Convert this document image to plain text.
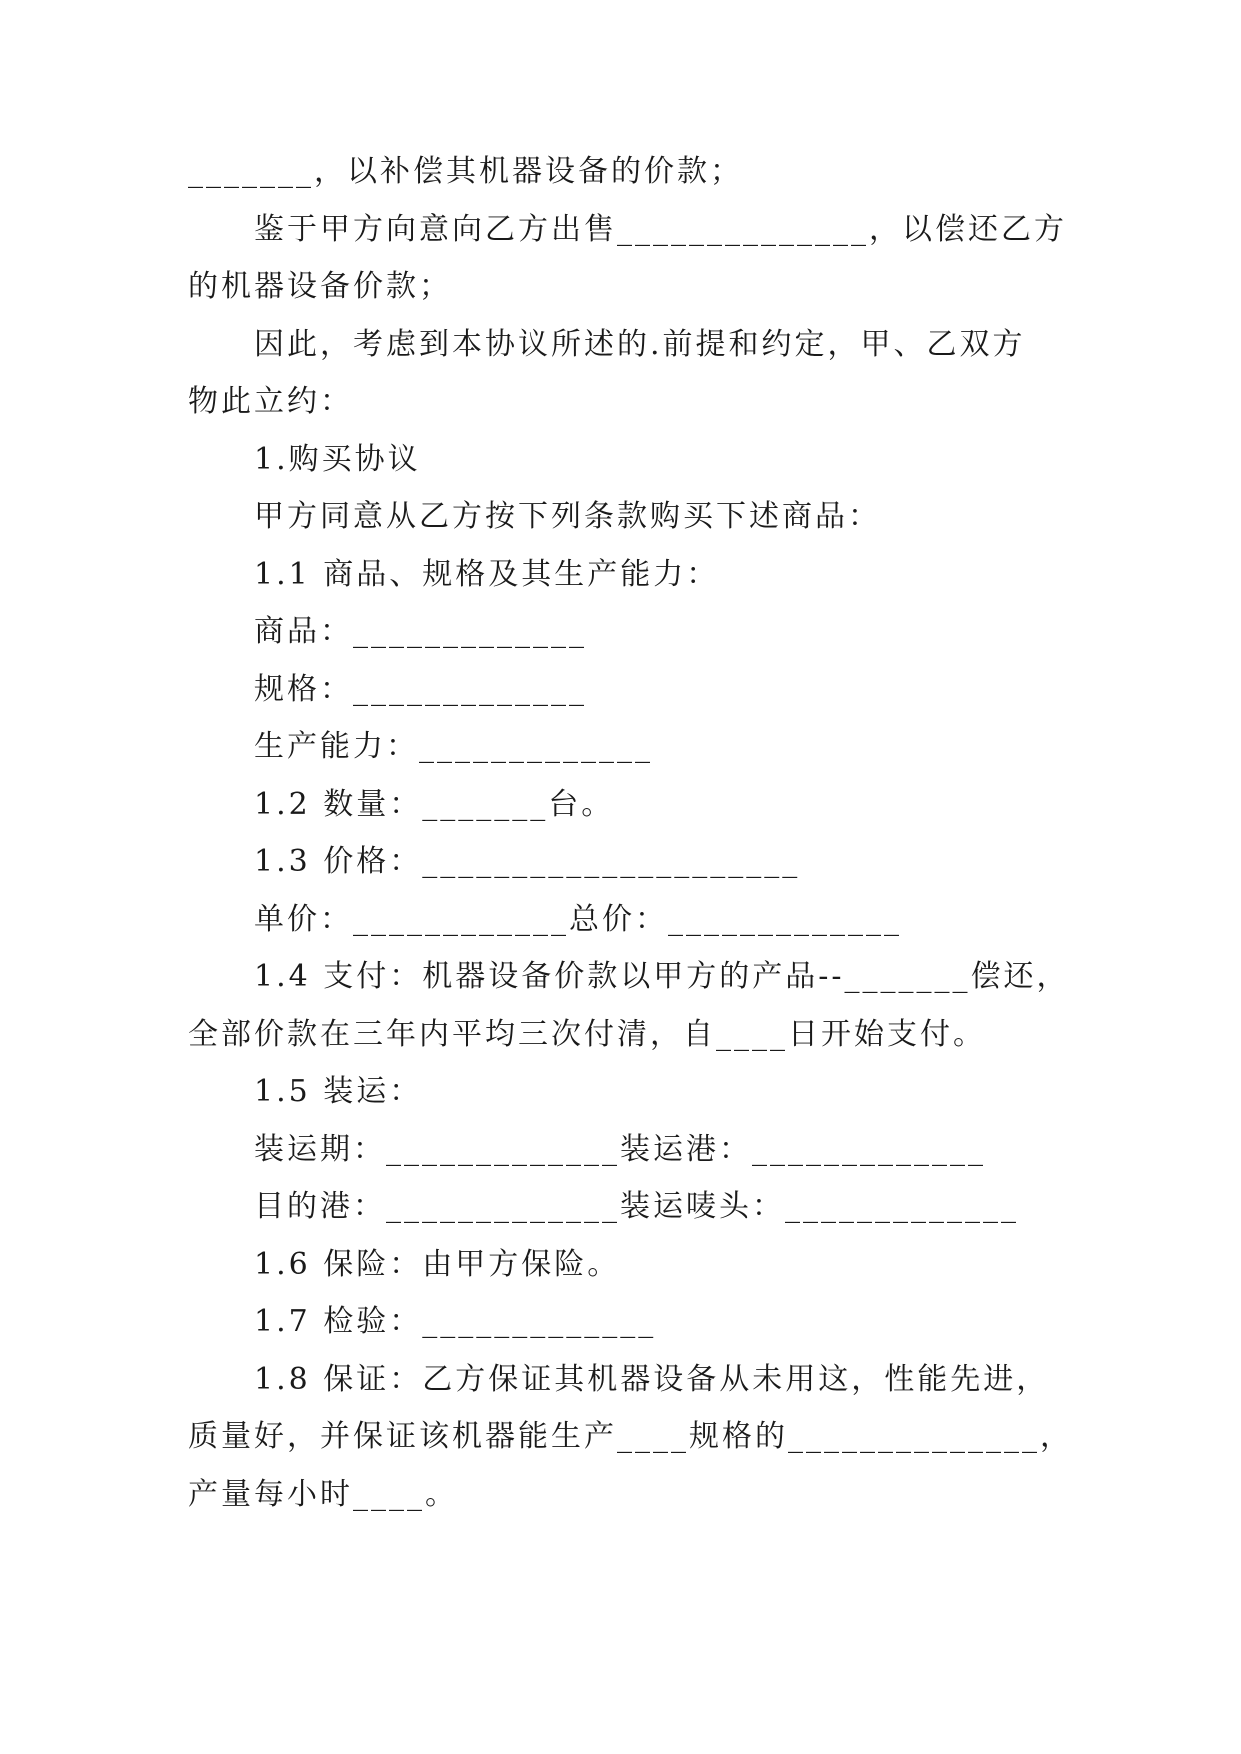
_______，以补偿其机器设备的价款；
鉴于甲方向意向乙方出售______________，以偿还乙方
的机器设备价款；
因此，考虑到本协议所述的.前提和约定，甲、乙双方
物此立约：
1.购买协议
甲方同意从乙方按下列条款购买下述商品：
1.1 商品、规格及其生产能力：
商品：_____________
规格：_____________
生产能力：_____________
1.2 数量：_______台。
1.3 价格：_____________________
单价：____________总价：_____________
1.4 支付：机器设备价款以甲方的产品--_______偿还，
全部价款在三年内平均三次付清，自____日开始支付。
1.5 装运：
装运期：_____________装运港：_____________
目的港：_____________装运唛头：_____________
1.6 保险：由甲方保险。
1.7 检验：_____________
1.8 保证：乙方保证其机器设备从未用这，性能先进，
质量好，并保证该机器能生产____规格的______________，
产量每小时____。
